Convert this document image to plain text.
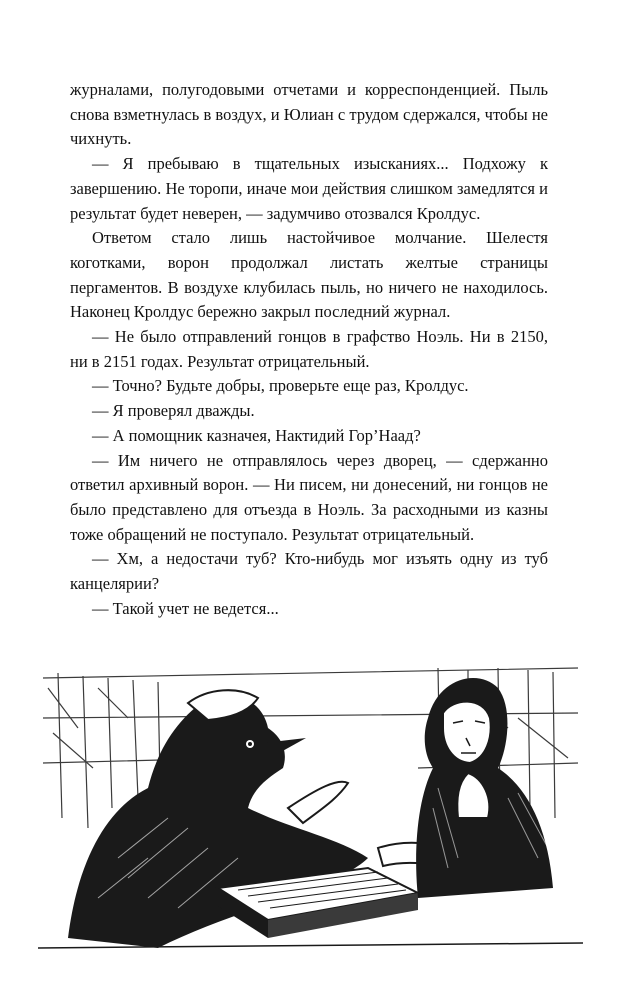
журналами, полугодовыми отчетами и корреспонденцией. Пыль снова взметнулась в воздух, и Юлиан с трудом сдержался, чтобы не чихнуть.

— Я пребываю в тщательных изысканиях... Подхожу к завершению. Не торопи, иначе мои действия слишком замедлятся и результат будет неверен, — задумчиво отозвался Кролдус.

Ответом стало лишь настойчивое молчание. Шелестя коготками, ворон продолжал листать желтые страницы пергаментов. В воздухе клубилась пыль, но ничего не находилось. Наконец Кролдус бережно закрыл последний журнал.

— Не было отправлений гонцов в графство Ноэль. Ни в 2150, ни в 2151 годах. Результат отрицательный.

— Точно? Будьте добры, проверьте еще раз, Кролдус.

— Я проверял дважды.

— А помощник казначея, Нактидий Гор’Наад?

— Им ничего не отправлялось через дворец, — сдержанно ответил архивный ворон. — Ни писем, ни донесений, ни гонцов не было представлено для отъезда в Ноэль. За расходными из казны тоже обращений не поступало. Результат отрицательный.

— Хм, а недостачи туб? Кто-нибудь мог изъять одну из туб канцелярии?

— Такой учет не ведется...
